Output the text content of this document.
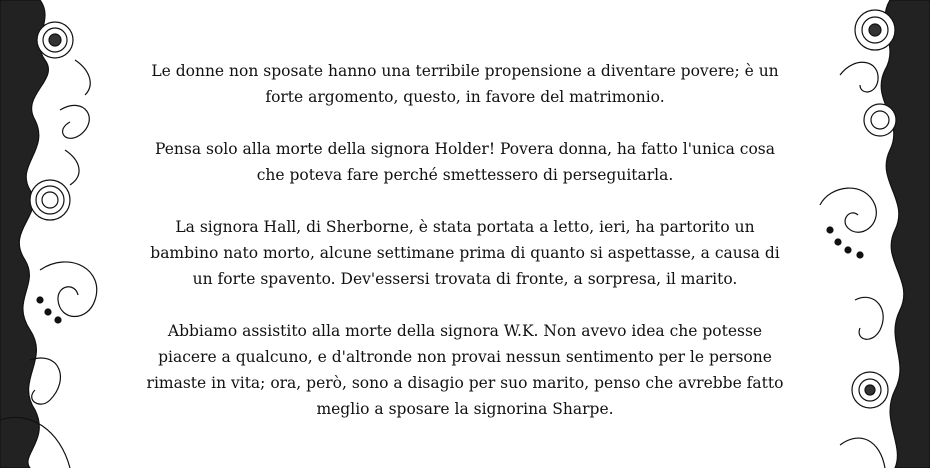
Le donne non sposate hanno una terribile propensione a diventare povere; è un
forte argomento, questo, in favore del matrimonio.

Pensa solo alla morte della signora Holder! Povera donna, ha fatto l'unica cosa
che poteva fare perché smettessero di perseguitarla.

La signora Hall, di Sherborne, è stata portata a letto, ieri, ha partorito un
bambino nato morto, alcune settimane prima di quanto si aspettasse, a causa di
un forte spavento. Dev'essersi trovata di fronte, a sorpresa, il marito.

Abbiamo assistito alla morte della signora W.K. Non avevo idea che potesse
piacere a qualcuno, e d'altronde non provai nessun sentimento per le persone
rimaste in vita; ora, però, sono a disagio per suo marito, penso che avrebbe fatto
meglio a sposare la signorina Sharpe.
